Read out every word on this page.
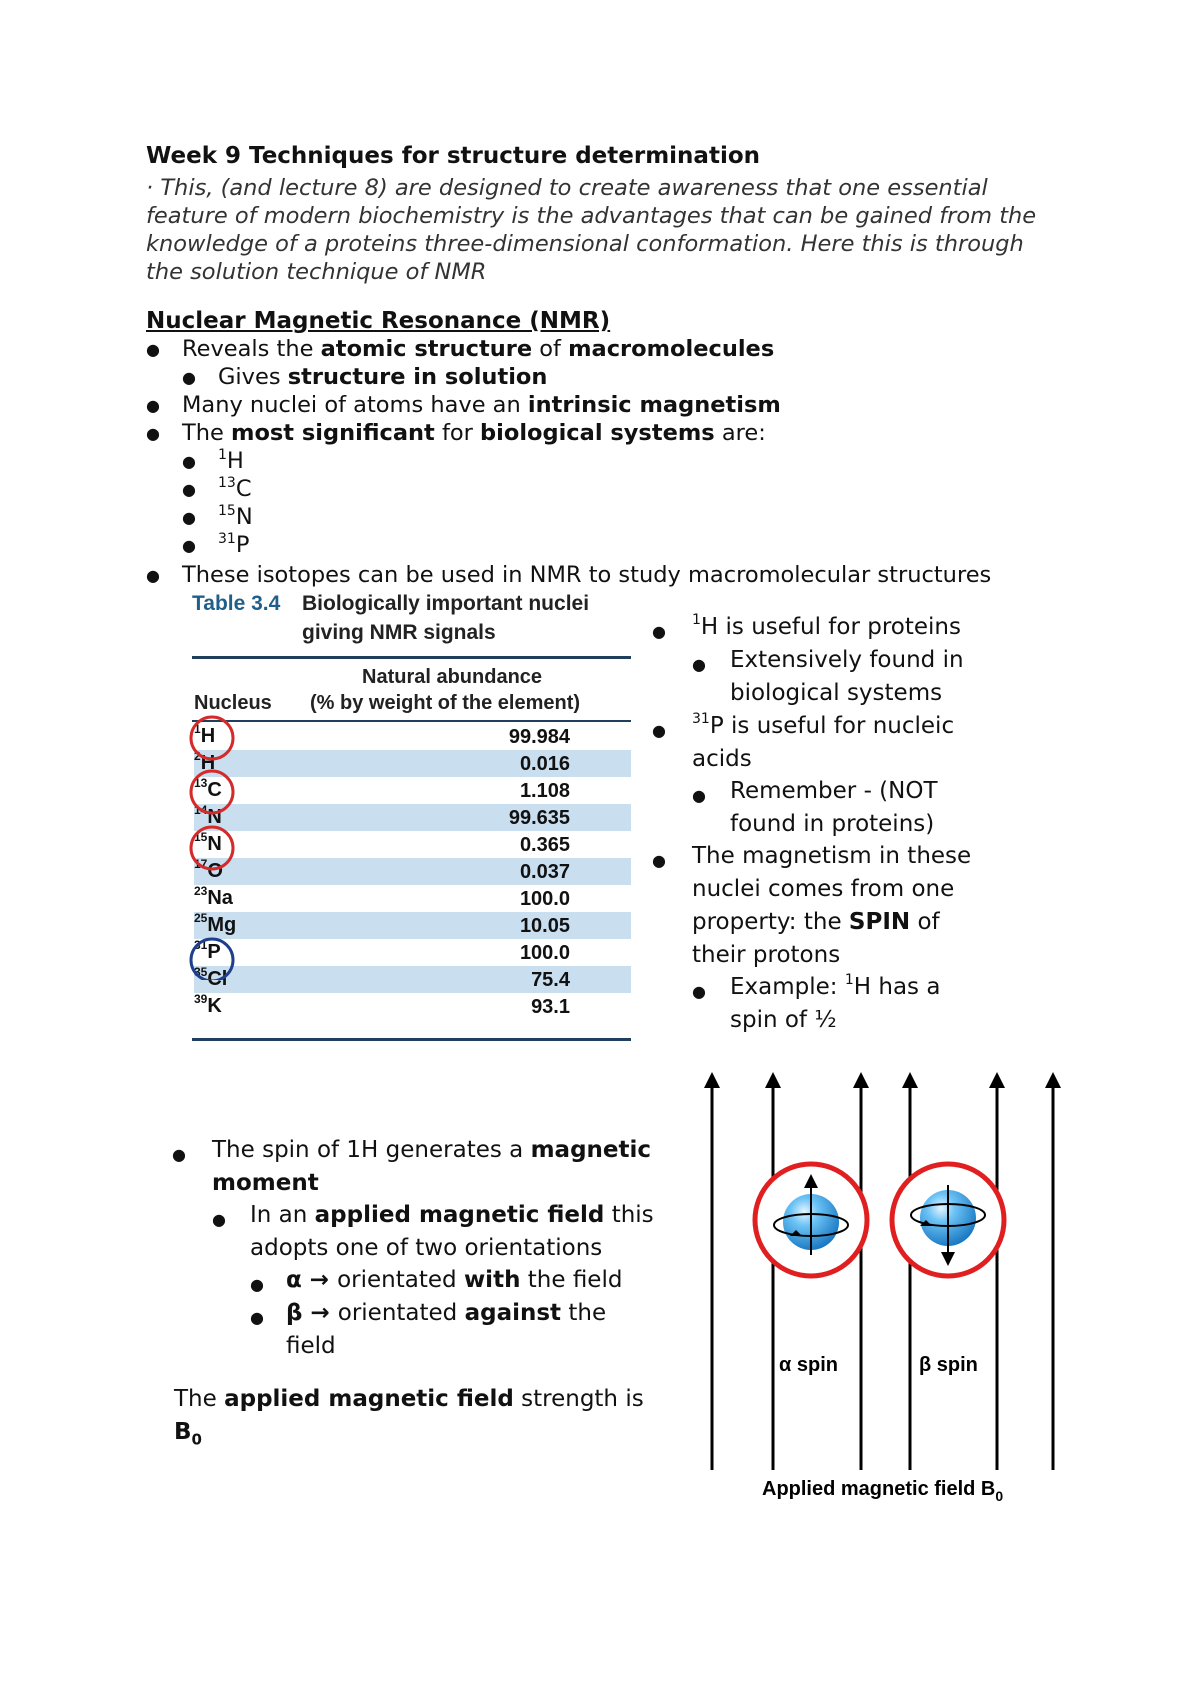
Week 9 Techniques for structure determination

· This, (and lecture 8) are designed to create awareness that one essential feature of modern biochemistry is the advantages that can be gained from the knowledge of a proteins three-dimensional conformation. Here this is through the solution technique of NMR

Nuclear Magnetic Resonance (NMR)
● Reveals the atomic structure of macromolecules
● Gives structure in solution
● Many nuclei of atoms have an intrinsic magnetism
● The most significant for biological systems are:
● $^1$H
● $^{13}$C
● $^{15}$N
● $^{31}$P
● These isotopes can be used in NMR to study macromolecular structures
Table 3.4 Biologically important nuclei
giving NMR signals
Natural abundance
Nucleus (% by weight of the element)
$^1$H	99.984
$^2$H	0.016
$^{13}$C	1.108
$^{14}$N	99.635
$^{15}$N	0.365
$^{17}$O	0.037
$^{23}$Na	100.0
$^{25}$Mg	10.05
$^{31}$P	100.0
$^{35}$Cl	75.4
$^{39}$K	93.1
●
$^1$H is useful for proteins
● Extensively found in biological systems
●
$^{31}$P is useful for nucleic acids
● Remember - (NOT found in proteins)
● The magnetism in these nuclei comes from one property: the SPIN of their protons
● Example: $^1$H has a spin of ½
● The spin of 1H generates a magnetic moment
● In an applied magnetic field this adopts one of two orientations
● α → orientated with the field
● β → orientated against the field
The applied magnetic field strength is
$B_0$
α spin	β spin
Applied magnetic field $B_0$
